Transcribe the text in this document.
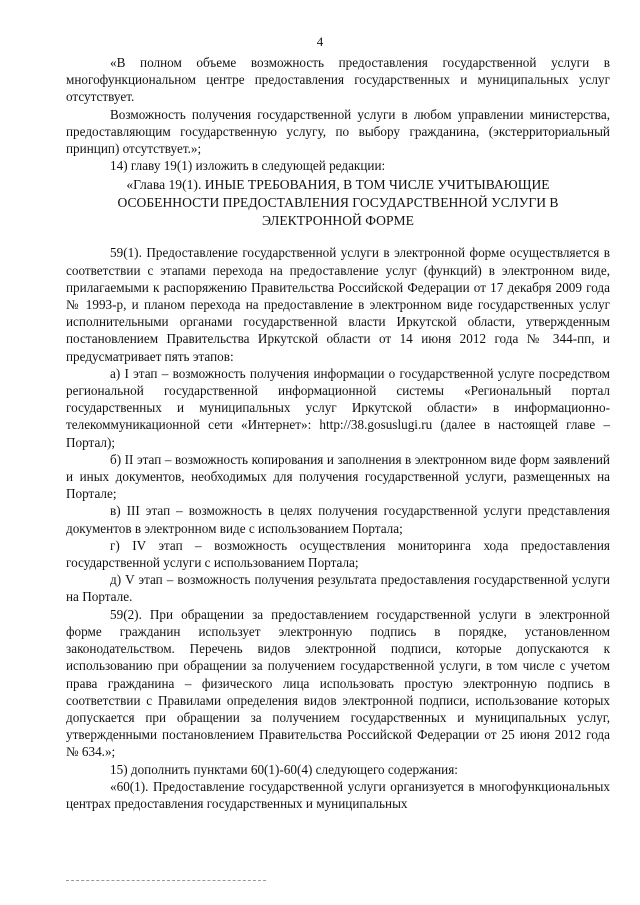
4

«В полном объеме возможность предоставления государственной услуги в многофункциональном центре предоставления государственных и муниципальных услуг отсутствует.

Возможность получения государственной услуги в любом управлении министерства, предоставляющим государственную услугу, по выбору гражданина, (экстерриториальный принцип) отсутствует.»;

14) главу 19(1) изложить в следующей редакции:

«Глава 19(1). ИНЫЕ ТРЕБОВАНИЯ, В ТОМ ЧИСЛЕ УЧИТЫВАЮЩИЕ
ОСОБЕННОСТИ ПРЕДОСТАВЛЕНИЯ ГОСУДАРСТВЕННОЙ УСЛУГИ В
ЭЛЕКТРОННОЙ ФОРМЕ

59(1). Предоставление государственной услуги в электронной форме осуществляется в соответствии с этапами перехода на предоставление услуг (функций) в электронном виде, прилагаемыми к распоряжению Правительства Российской Федерации от 17 декабря 2009 года № 1993-р, и планом перехода на предоставление в электронном виде государственных услуг исполнительными органами государственной власти Иркутской области, утвержденным постановлением Правительства Иркутской области от 14 июня 2012 года № 344-пп, и предусматривает пять этапов:

а) I этап – возможность получения информации о государственной услуге посредством региональной государственной информационной системы «Региональный портал государственных и муниципальных услуг Иркутской области» в информационно-телекоммуникационной сети «Интернет»: http://38.gosuslugi.ru (далее в настоящей главе – Портал);

б) II этап – возможность копирования и заполнения в электронном виде форм заявлений и иных документов, необходимых для получения государственной услуги, размещенных на Портале;

в) III этап – возможность в целях получения государственной услуги представления документов в электронном виде с использованием Портала;

г) IV этап – возможность осуществления мониторинга хода предоставления государственной услуги с использованием Портала;

д) V этап – возможность получения результата предоставления государственной услуги на Портале.

59(2). При обращении за предоставлением государственной услуги в электронной форме гражданин использует электронную подпись в порядке, установленном законодательством. Перечень видов электронной подписи, которые допускаются к использованию при обращении за получением государственной услуги, в том числе с учетом права гражданина – физического лица использовать простую электронную подпись в соответствии с Правилами определения видов электронной подписи, использование которых допускается при обращении за получением государственных и муниципальных услуг, утвержденными постановлением Правительства Российской Федерации от 25 июня 2012 года № 634.»;

15) дополнить пунктами 60(1)-60(4) следующего содержания:

«60(1). Предоставление государственной услуги организуется в многофункциональных центрах предоставления государственных и муниципальных
